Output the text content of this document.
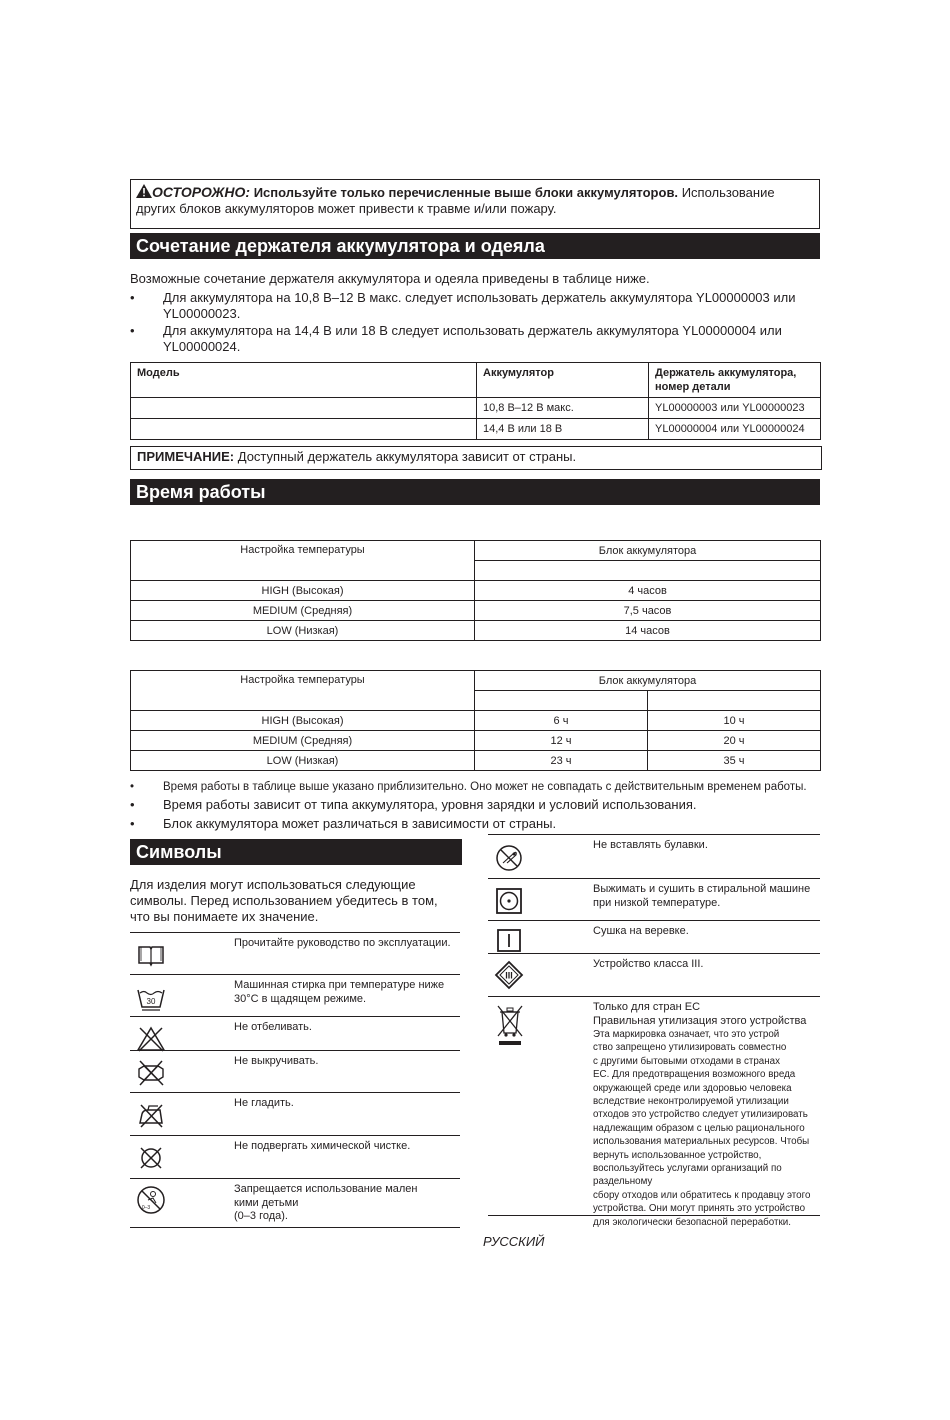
ОСТОРОЖНО: Используйте только перечисленные выше блоки аккумуляторов. Использование других блоков аккумуляторов может привести к травме и/или пожару.
Сочетание держателя аккумулятора и одеяла
Возможные сочетание держателя аккумулятора и одеяла приведены в таблице ниже.
• Для аккумулятора на 10,8 В–12 В макс. следует использовать держатель аккумулятора YL00000003 или YL00000023.
• Для аккумулятора на 14,4 В или 18 В следует использовать держатель аккумулятора YL00000004 или YL00000024.
Модель	Аккумулятор	Держатель аккумулятора, номер детали
	10,8 В–12 В макс.	YL00000003 или YL00000023
	14,4 В или 18 В	YL00000004 или YL00000024
ПРИМЕЧАНИЕ: Доступный держатель аккумулятора зависит от страны.
Время работы
Настройка температуры	Блок аккумулятора

HIGH (Высокая)	4 часов
MEDIUM (Средняя)	7,5 часов
LOW (Низкая)	14 часов
Настройка температуры	Блок аккумулятора	

HIGH (Высокая)	6 ч	10 ч
MEDIUM (Средняя)	12 ч	20 ч
LOW (Низкая)	23 ч	35 ч
•	Время работы в таблице выше указано приблизительно. Оно может не совпадать с действительным временем работы.
• Время работы зависит от типа аккумулятора, уровня зарядки и условий использования.
• Блок аккумулятора может различаться в зависимости от страны.
Символы
Для изделия могут использоваться следующие символы. Перед использованием убедитесь в том, что вы понимаете их значение.
Прочитайте руководство по эксплуатации.
30
Машинная стирка при температуре ниже 30°C в щадящем режиме.
Не отбеливать.
Не выкручивать.
Не гладить.
Не подвергать химической чистке.
0–3
Запрещается использование мален
кими детьми
(0–3 года).
Не вставлять булавки.
Выжимать и сушить в стиральной машине при низкой температуре.
Сушка на веревке.
III
Устройство класса III.
Только для стран ЕС
Правильная утилизация этого устройства
Эта маркировка означает, что это устрой
ство запрещено утилизировать совместно
с другими бытовыми отходами в странах
ЕС. Для предотвращения возможного вреда
окружающей среде или здоровью человека
вследствие неконтролируемой утилизации
отходов это устройство следует утилизировать
надлежащим образом с целью рационального
использования материальных ресурсов. Чтобы
вернуть использованное устройство, воспользуйтесь услугами организаций по раздельному
сбору отходов или обратитесь к продавцу этого
устройства. Они могут принять это устройство
для экологически безопасной переработки.
РУССКИЙ
